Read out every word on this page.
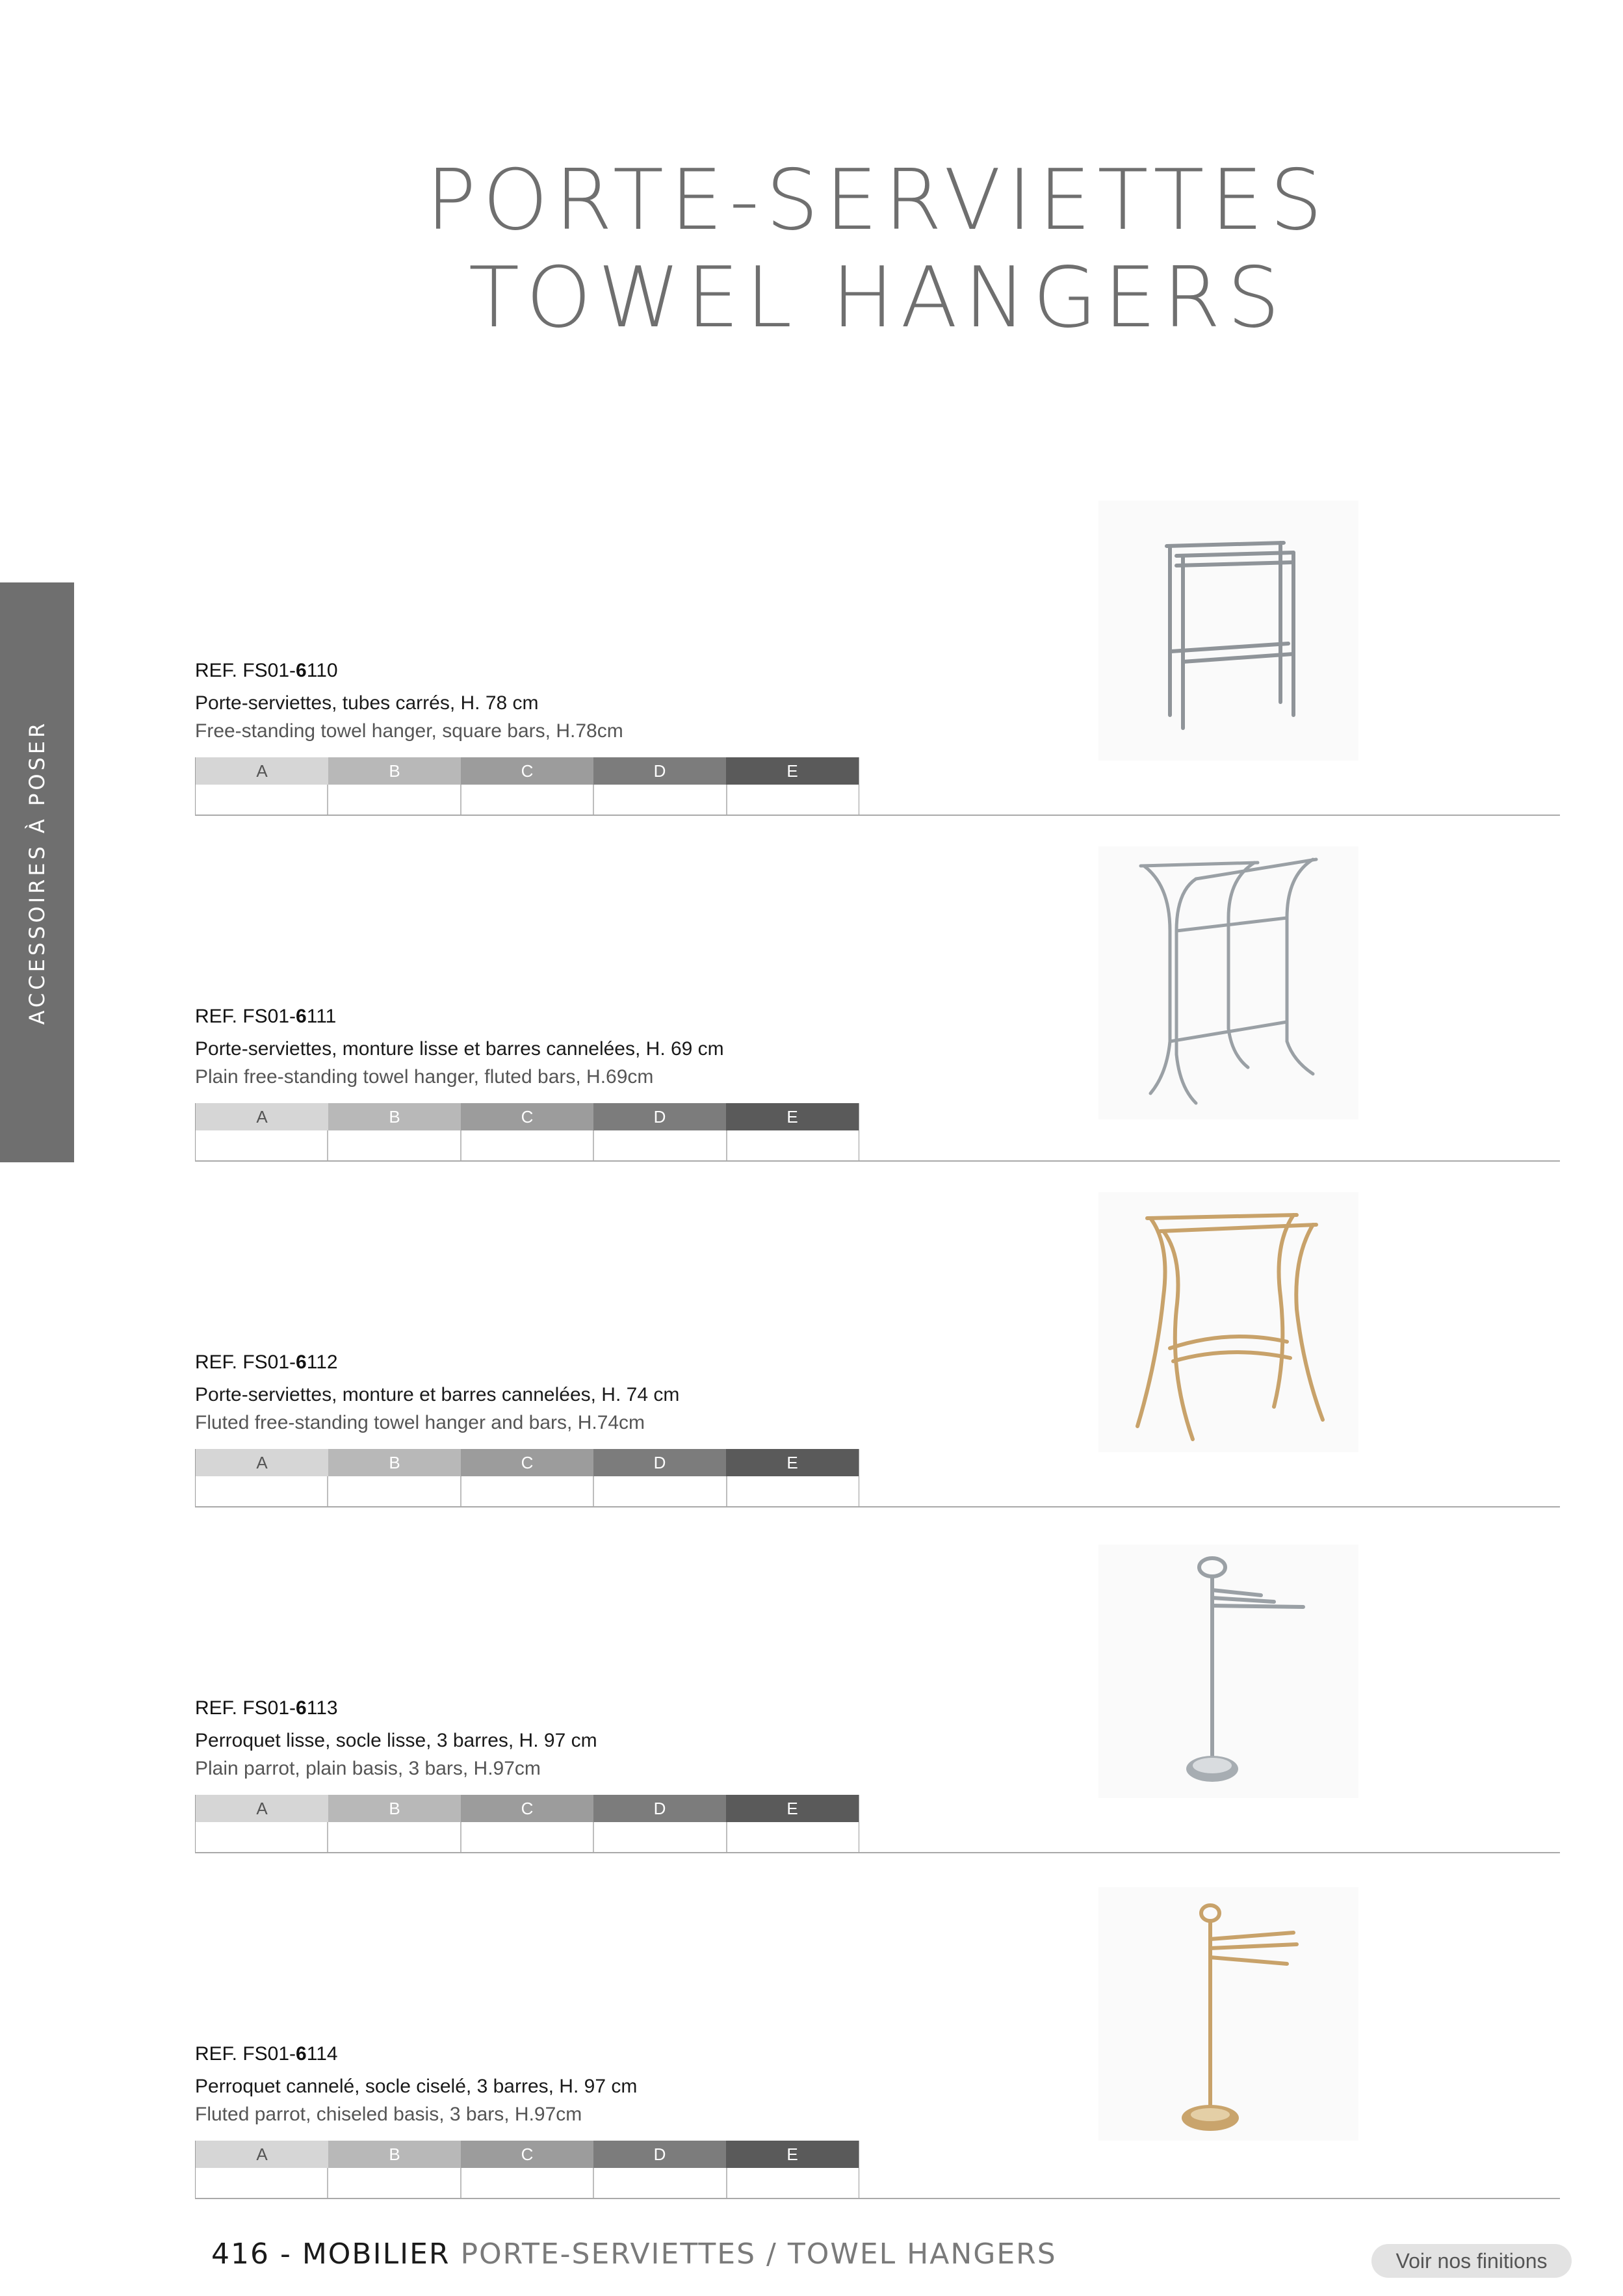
PORTE-SERVIETTES
TOWEL HANGERS
ACCESSOIRES À POSER
REF. FS01-6110
Porte-serviettes, tubes carrés, H. 78 cm
Free-standing towel hanger, square bars, H.78cm
A	B	C	D	E
REF. FS01-6111
Porte-serviettes, monture lisse et barres cannelées, H. 69 cm
Plain free-standing towel hanger, fluted bars, H.69cm
A	B	C	D	E
REF. FS01-6112
Porte-serviettes, monture et barres cannelées, H. 74 cm
Fluted free-standing towel hanger and bars, H.74cm
A	B	C	D	E
REF. FS01-6113
Perroquet lisse, socle lisse, 3 barres, H. 97 cm
Plain parrot, plain basis, 3 bars, H.97cm
A	B	C	D	E
REF. FS01-6114
Perroquet cannelé, socle ciselé, 3 barres, H. 97 cm
Fluted parrot, chiseled basis, 3 bars, H.97cm
A	B	C	D	E
416 - MOBILIER PORTE-SERVIETTES / TOWEL HANGERS	Voir nos finitions
